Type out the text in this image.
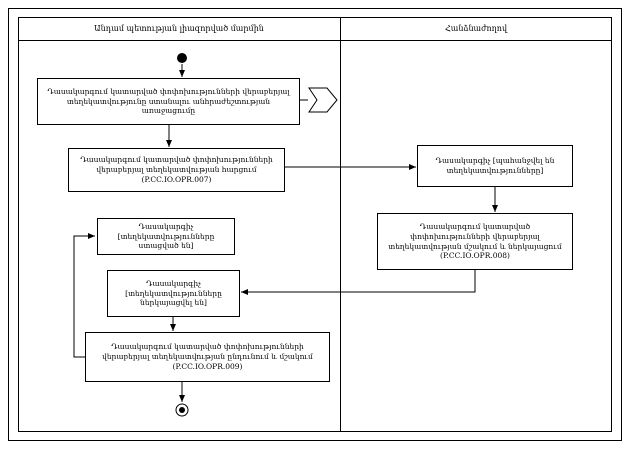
Անդամ պետության լիազորված մարմին	Հանձնաժողով
Դասակարգում կատարված փոփոխությունների վերաբերյալ տեղեկատվությունը ստանալու անհրաժեշտության առաջացումը
Դասակարգում կատարված փոփոխությունների վերաբերյալ տեղեկատվության հարցում (P.CC.IO.OPR.007)
Դասակարգիչ [տեղեկատվությունները ստացված են]
Դասակարգիչ [տեղեկատվությունները ներկայացվել են]
Դասակարգում կատարված փոփոխությունների վերաբերյալ տեղեկատվության ընդունում և մշակում (P.CC.IO.OPR.009)
Դասակարգիչ [պահանջվել են տեղեկատվությունները]
Դասակարգում կատարված փոփոխությունների վերաբերյալ տեղեկատվության մշակում և ներկայացում (P.CC.IO.OPR.008)
